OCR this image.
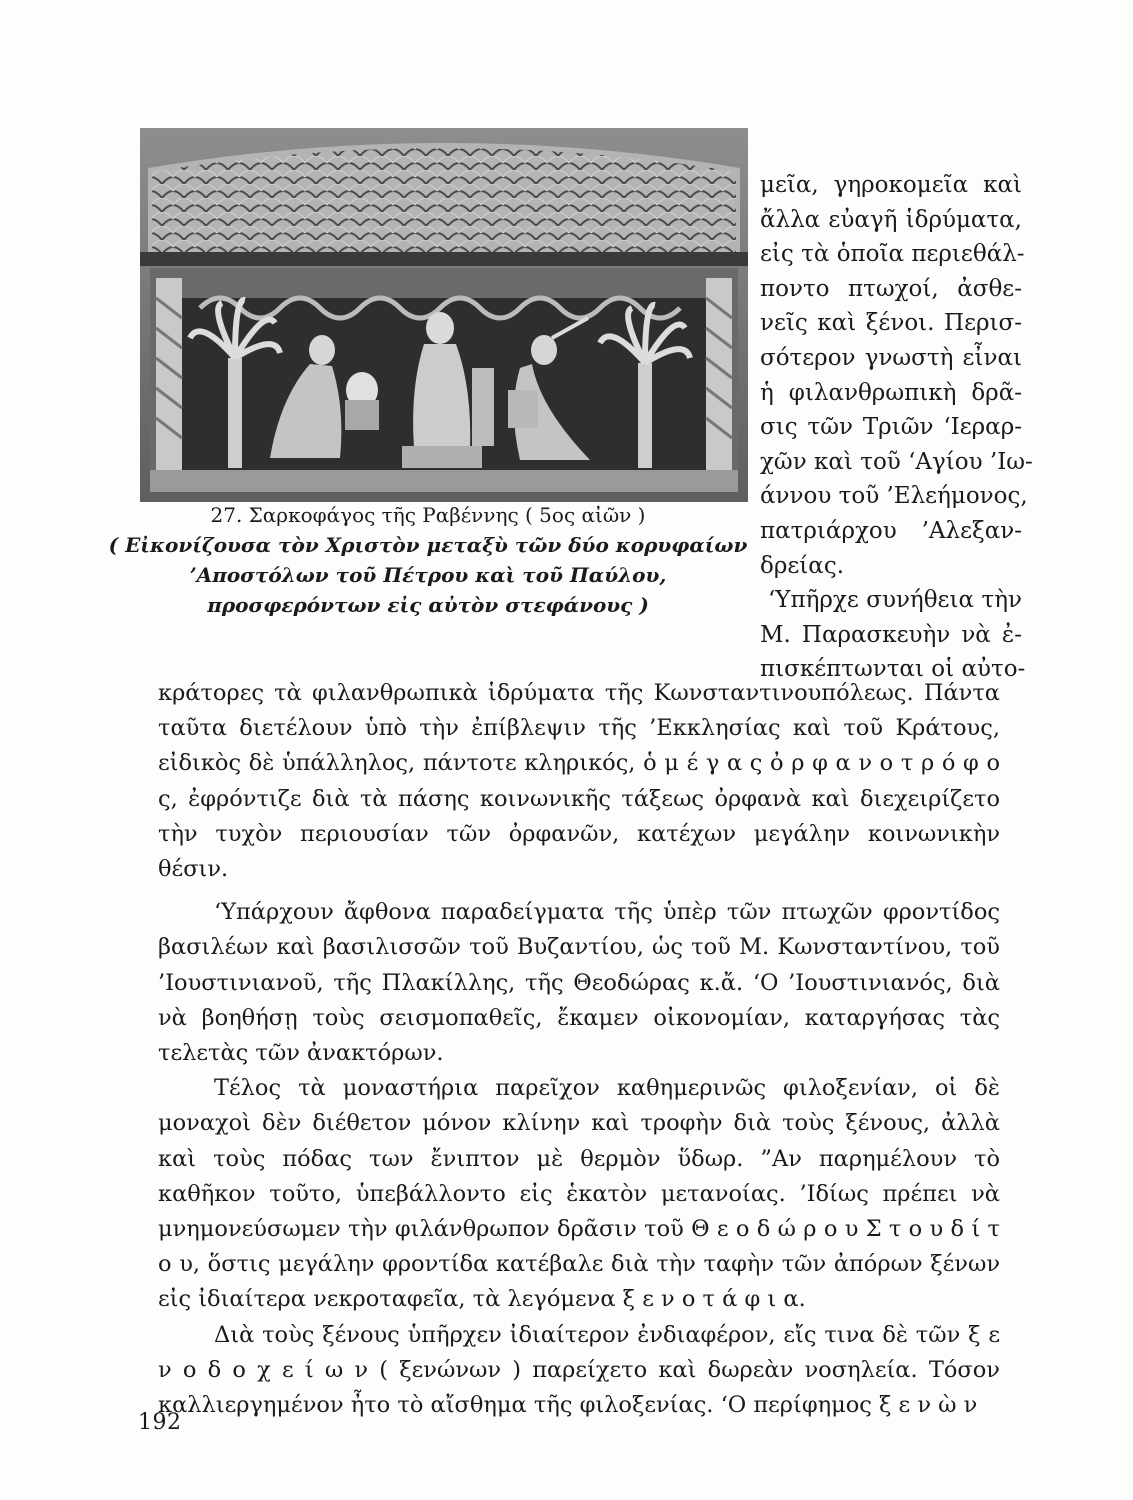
27. Σαρκοφάγος τῆς Ραβέννης ( 5ος αἰῶν )
( Εἰκονίζουσα τὸν Χριστὸν μεταξὺ τῶν δύο κορυφαίων ’Αποστόλων τοῦ Πέτρου καὶ τοῦ Παύλου, προσφερόντων εἰς αὐτὸν στεφάνους )

μεῖα, γηροκομεῖα καὶ
ἄλλα εὐαγῆ ἱδρύματα,
εἰς τὰ ὁποῖα περιεθάλ-
ποντο πτωχοί, ἀσθε-
νεῖς καὶ ξένοι. Περισ-
σότερον γνωστὴ εἶναι
ἡ φιλανθρωπικὴ δρᾶ-
σις τῶν Τριῶν ‘Ιεραρ-
χῶν καὶ τοῦ ‘Αγίου ’Ιω-
άννου τοῦ ’Ελεήμονος,
πατριάρχου ’Αλεξαν-
δρείας.

‘Υπῆρχε συνήθεια τὴν
Μ. Παρασκευὴν νὰ ἐ-
πισκέπτωνται οἱ αὐτο-

κράτορες τὰ φιλανθρωπικὰ ἱδρύματα τῆς Κωνσταντινουπόλεως. Πάντα ταῦτα διετέλουν ὑπὸ τὴν ἐπίβλεψιν τῆς ’Εκκλησίας καὶ τοῦ Κράτους, εἰδικὸς δὲ ὑπάλληλος, πάντοτε κληρικός, ὁ μ έ γ α ς ὀ ρ φ α ν ο τ ρ ό φ ο ς, ἐφρόντιζε διὰ τὰ πάσης κοινωνικῆς τάξεως ὀρφανὰ καὶ διεχειρίζετο τὴν τυχὸν περιουσίαν τῶν ὀρφανῶν, κατέχων μεγάλην κοινωνικὴν θέσιν.

‘Υπάρχουν ἄφθονα παραδείγματα τῆς ὑπὲρ τῶν πτωχῶν φροντίδος βασιλέων καὶ βασιλισσῶν τοῦ Βυζαντίου, ὡς τοῦ Μ. Κωνσταντίνου, τοῦ ’Ιουστινιανοῦ, τῆς Πλακίλλης, τῆς Θεοδώρας κ.ἄ. ‘Ο ’Ιουστινιανός, διὰ νὰ βοηθήσῃ τοὺς σεισμοπαθεῖς, ἔκαμεν οἰκονομίαν, καταργήσας τὰς τελετὰς τῶν ἀνακτόρων.

Τέλος τὰ μοναστήρια παρεῖχον καθημερινῶς φιλοξενίαν, οἱ δὲ μοναχοὶ δὲν διέθετον μόνον κλίνην καὶ τροφὴν διὰ τοὺς ξένους, ἀλλὰ καὶ τοὺς πόδας των ἔνιπτον μὲ θερμὸν ὕδωρ. ”Αν παρημέλουν τὸ καθῆκον τοῦτο, ὑπεβάλλοντο εἰς ἑκατὸν μετανοίας. ’Ιδίως πρέπει νὰ μνημονεύσωμεν τὴν φιλάνθρωπον δρᾶσιν τοῦ Θ ε ο δ ώ ρ ο υ Σ τ ο υ δ ί τ ο υ, ὅστις μεγάλην φροντίδα κατέβαλε διὰ τὴν ταφὴν τῶν ἀπόρων ξένων εἰς ἰδιαίτερα νεκροταφεῖα, τὰ λεγόμενα ξ ε ν ο τ ά φ ι α.

Διὰ τοὺς ξένους ὑπῆρχεν ἰδιαίτερον ἐνδιαφέρον, εἴς τινα δὲ τῶν ξ ε ν ο δ ο χ ε ί ω ν ( ξενώνων ) παρείχετο καὶ δωρεὰν νοσηλεία. Τόσον καλλιεργημένον ἦτο τὸ αἴσθημα τῆς φιλοξενίας. ‘Ο περίφημος ξ ε ν ὼ ν

192
